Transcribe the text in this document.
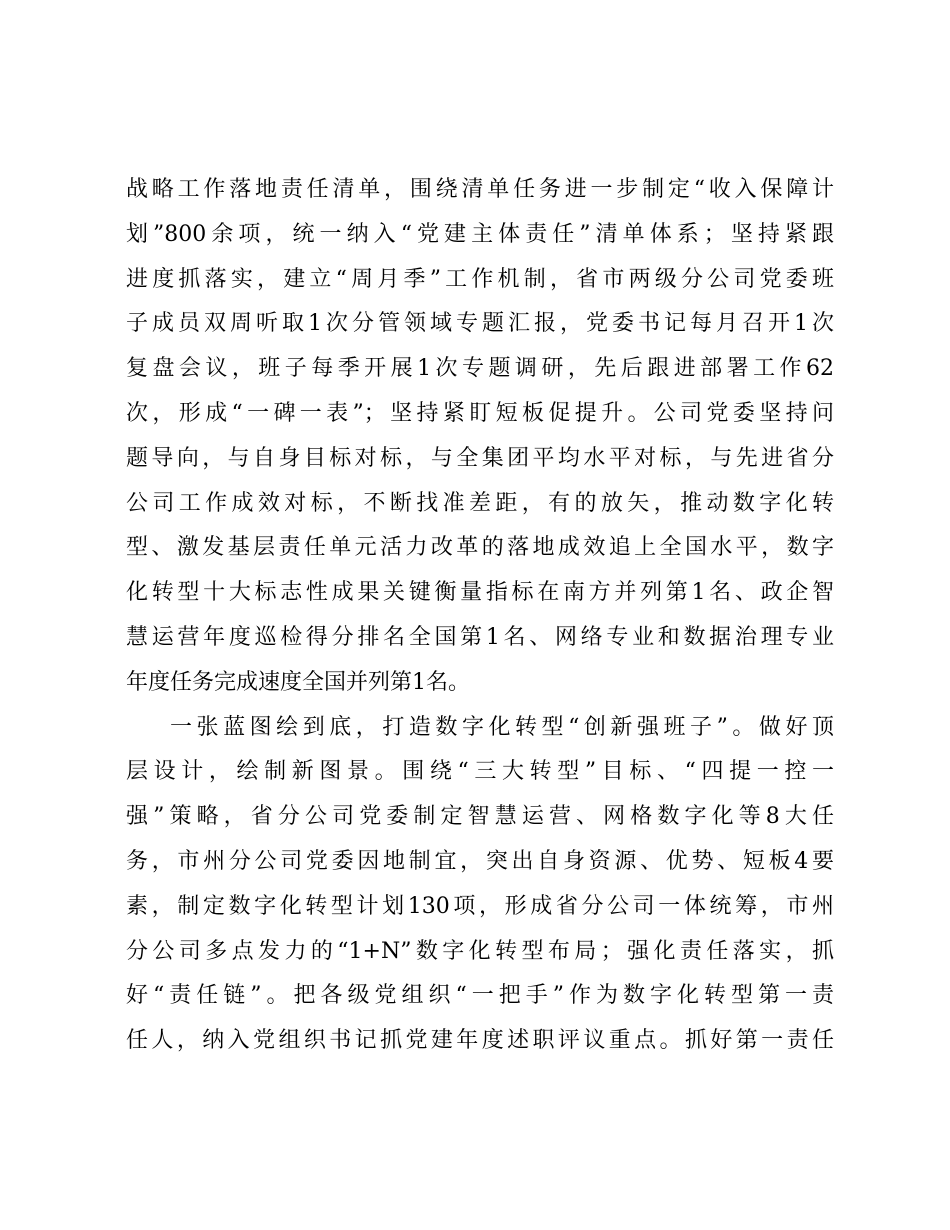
战略工作落地责任清单，围绕清单任务进一步制定“收入保障计
划”800余项，统一纳入“党建主体责任”清单体系；坚持紧跟
进度抓落实，建立“周月季”工作机制，省市两级分公司党委班
子成员双周听取1次分管领域专题汇报，党委书记每月召开1次
复盘会议，班子每季开展1次专题调研，先后跟进部署工作62
次，形成“一碑一表”；坚持紧盯短板促提升。公司党委坚持问
题导向，与自身目标对标，与全集团平均水平对标，与先进省分
公司工作成效对标，不断找准差距，有的放矢，推动数字化转
型、激发基层责任单元活力改革的落地成效追上全国水平，数字
化转型十大标志性成果关键衡量指标在南方并列第1名、政企智
慧运营年度巡检得分排名全国第1名、网络专业和数据治理专业
年度任务完成速度全国并列第1名。
一张蓝图绘到底，打造数字化转型“创新强班子”。做好顶
层设计，绘制新图景。围绕“三大转型”目标、“四提一控一
强”策略，省分公司党委制定智慧运营、网格数字化等8大任
务，市州分公司党委因地制宜，突出自身资源、优势、短板4要
素，制定数字化转型计划130项，形成省分公司一体统筹，市州
分公司多点发力的“1+N”数字化转型布局；强化责任落实，抓
好“责任链”。把各级党组织“一把手”作为数字化转型第一责
任人，纳入党组织书记抓党建年度述职评议重点。抓好第一责任
